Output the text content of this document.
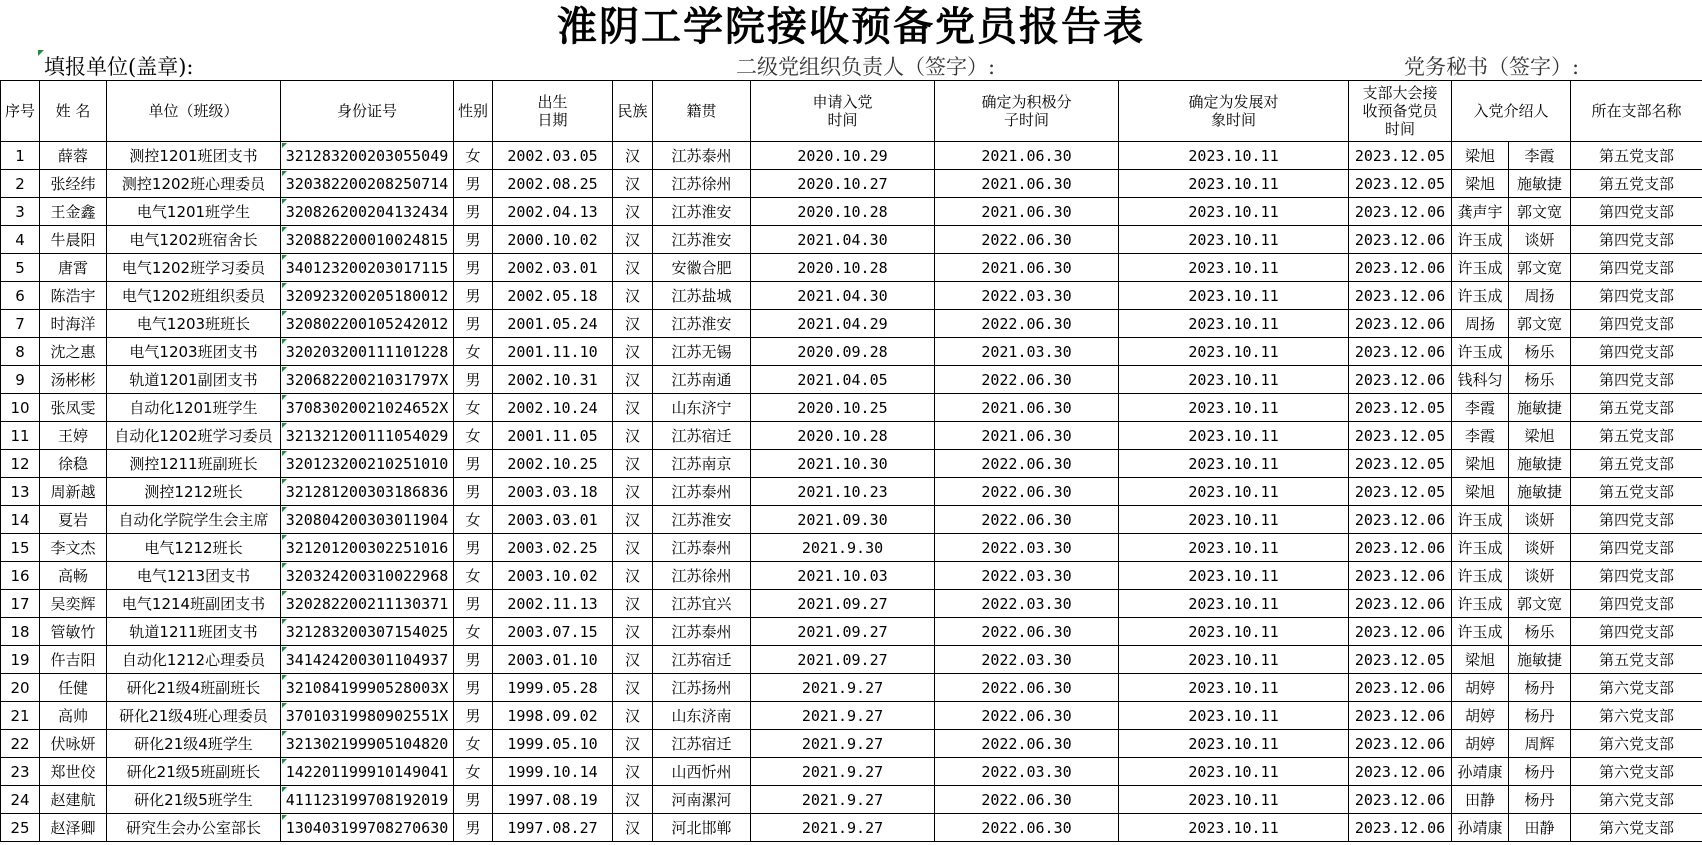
淮阴工学院接收预备党员报告表
填报单位(盖章):	二级党组织负责人（签字）:	党务秘书（签字）:
序号	姓 名	单位（班级）	身份证号	性别	出生日期	民族	籍贯	申请入党时间	确定为积极分子时间	确定为发展对象时间	支部大会接收预备党员时间	入党介绍人		所在支部名称
1	薛蓉	测控1201班团支书	321283200203055049	女	2002.03.05	汉	江苏泰州	2020.10.29	2021.06.30	2023.10.11	2023.12.05	梁旭	李霞	第五党支部
2	张经纬	测控1202班心理委员	320382200208250714	男	2002.08.25	汉	江苏徐州	2020.10.27	2021.06.30	2023.10.11	2023.12.05	梁旭	施敏捷	第五党支部
3	王金鑫	电气1201班学生	320826200204132434	男	2002.04.13	汉	江苏淮安	2020.10.28	2021.06.30	2023.10.11	2023.12.06	龚声宇	郭文宽	第四党支部
4	牛晨阳	电气1202班宿舍长	320882200010024815	男	2000.10.02	汉	江苏淮安	2021.04.30	2022.06.30	2023.10.11	2023.12.06	许玉成	谈妍	第四党支部
5	唐霄	电气1202班学习委员	340123200203017115	男	2002.03.01	汉	安徽合肥	2020.10.28	2021.06.30	2023.10.11	2023.12.06	许玉成	郭文宽	第四党支部
6	陈浩宇	电气1202班组织委员	320923200205180012	男	2002.05.18	汉	江苏盐城	2021.04.30	2022.03.30	2023.10.11	2023.12.06	许玉成	周扬	第四党支部
7	时海洋	电气1203班班长	320802200105242012	男	2001.05.24	汉	江苏淮安	2021.04.29	2022.06.30	2023.10.11	2023.12.06	周扬	郭文宽	第四党支部
8	沈之惠	电气1203班团支书	320203200111101228	女	2001.11.10	汉	江苏无锡	2020.09.28	2021.03.30	2023.10.11	2023.12.06	许玉成	杨乐	第四党支部
9	汤彬彬	轨道1201副团支书	32068220021031797X	男	2002.10.31	汉	江苏南通	2021.04.05	2022.06.30	2023.10.11	2023.12.06	钱科匀	杨乐	第四党支部
10	张凤雯	自动化1201班学生	37083020021024652X	女	2002.10.24	汉	山东济宁	2020.10.25	2021.06.30	2023.10.11	2023.12.05	李霞	施敏捷	第五党支部
11	王婷	自动化1202班学习委员	321321200111054029	女	2001.11.05	汉	江苏宿迁	2020.10.28	2021.06.30	2023.10.11	2023.12.05	李霞	梁旭	第五党支部
12	徐稳	测控1211班副班长	320123200210251010	男	2002.10.25	汉	江苏南京	2021.10.30	2022.06.30	2023.10.11	2023.12.05	梁旭	施敏捷	第五党支部
13	周新越	测控1212班长	321281200303186836	男	2003.03.18	汉	江苏泰州	2021.10.23	2022.06.30	2023.10.11	2023.12.05	梁旭	施敏捷	第五党支部
14	夏岩	自动化学院学生会主席	320804200303011904	女	2003.03.01	汉	江苏淮安	2021.09.30	2022.06.30	2023.10.11	2023.12.06	许玉成	谈妍	第四党支部
15	李文杰	电气1212班长	321201200302251016	男	2003.02.25	汉	江苏泰州	2021.9.30	2022.03.30	2023.10.11	2023.12.06	许玉成	谈妍	第四党支部
16	高畅	电气1213团支书	320324200310022968	女	2003.10.02	汉	江苏徐州	2021.10.03	2022.03.30	2023.10.11	2023.12.06	许玉成	谈妍	第四党支部
17	吴奕辉	电气1214班副团支书	320282200211130371	男	2002.11.13	汉	江苏宜兴	2021.09.27	2022.03.30	2023.10.11	2023.12.06	许玉成	郭文宽	第四党支部
18	管敏竹	轨道1211班团支书	321283200307154025	女	2003.07.15	汉	江苏泰州	2021.09.27	2022.06.30	2023.10.11	2023.12.06	许玉成	杨乐	第四党支部
19	仵吉阳	自动化1212心理委员	341424200301104937	男	2003.01.10	汉	江苏宿迁	2021.09.27	2022.03.30	2023.10.11	2023.12.05	梁旭	施敏捷	第五党支部
20	任健	研化21级4班副班长	32108419990528003X	男	1999.05.28	汉	江苏扬州	2021.9.27	2022.06.30	2023.10.11	2023.12.06	胡婷	杨丹	第六党支部
21	高帅	研化21级4班心理委员	37010319980902551X	男	1998.09.02	汉	山东济南	2021.9.27	2022.06.30	2023.10.11	2023.12.06	胡婷	杨丹	第六党支部
22	伏咏妍	研化21级4班学生	321302199905104820	女	1999.05.10	汉	江苏宿迁	2021.9.27	2022.06.30	2023.10.11	2023.12.06	胡婷	周辉	第六党支部
23	郑世佼	研化21级5班副班长	142201199910149041	女	1999.10.14	汉	山西忻州	2021.9.27	2022.03.30	2023.10.11	2023.12.06	孙靖康	杨丹	第六党支部
24	赵建航	研化21级5班学生	411123199708192019	男	1997.08.19	汉	河南漯河	2021.9.27	2022.06.30	2023.10.11	2023.12.06	田静	杨丹	第六党支部
25	赵泽卿	研究生会办公室部长	130403199708270630	男	1997.08.27	汉	河北邯郸	2021.9.27	2022.06.30	2023.10.11	2023.12.06	孙靖康	田静	第六党支部
